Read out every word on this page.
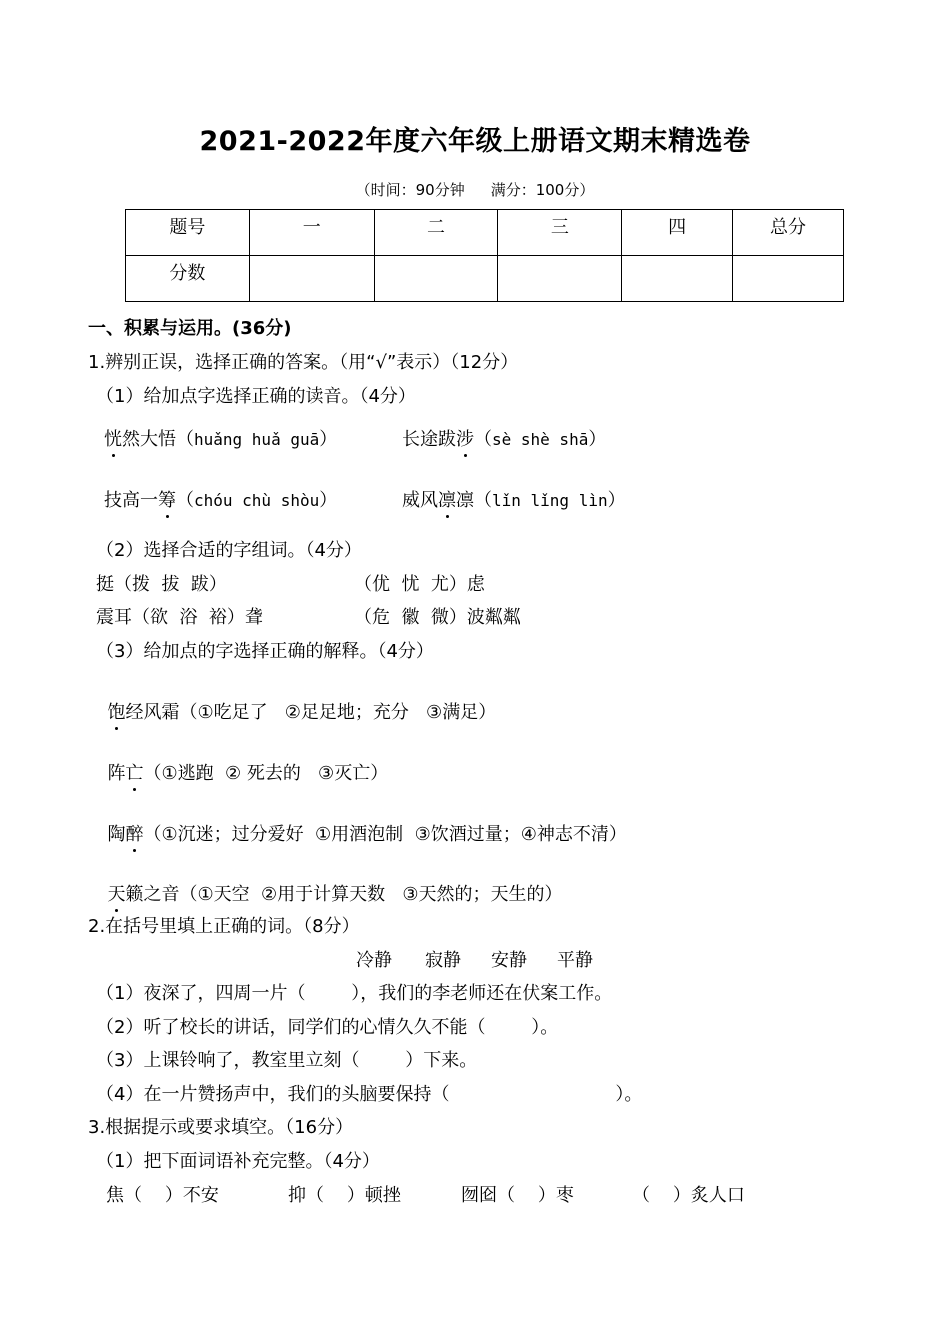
2021-2022年度六年级上册语文期末精选卷
（时间：90分钟 满分：100分）
题号	一	二	三	四	总分
分数					
一、积累与运用。(36分)
1.辨别正误，选择正确的答案。（用“√”表示）（12分）
（1）给加点字选择正确的读音。（4分）
恍然大悟（huǎng huǎ guā）	长途跋涉（sè shè shā）
技高一筹（chóu chù shòu）	威风凛凛（lǐn lǐng lìn）
（2）选择合适的字组词。（4分）
挺（拨  拔  跋）	（优  忧  尤）虑
震耳（欲  浴  裕）聋	（危  徽  微）波粼粼
（3）给加点的字选择正确的解释。（4分）

饱经风霜（①吃足了   ②足足地；充分   ③满足）

阵亡（①逃跑  ② 死去的   ③灭亡）

陶醉（①沉迷；过分爱好  ①用酒泡制  ③饮酒过量；④神志不清）

天籁之音（①天空  ②用于计算天数   ③天然的；天生的）

2.在括号里填上正确的词。（8分）
冷静 寂静 安静 平静
（1）夜深了，四周一片（        ），我们的李老师还在伏案工作。
（2）听了校长的讲话，同学们的心情久久不能（        ）。
（3）上课铃响了，教室里立刻（        ）下来。
（4）在一片赞扬声中，我们的头脑要保持（                             ）。
3.根据提示或要求填空。（16分）
（1）把下面词语补充完整。（4分）
焦（    ）不安	抑（    ）顿挫	囫囵（    ）枣	（    ）炙人口
